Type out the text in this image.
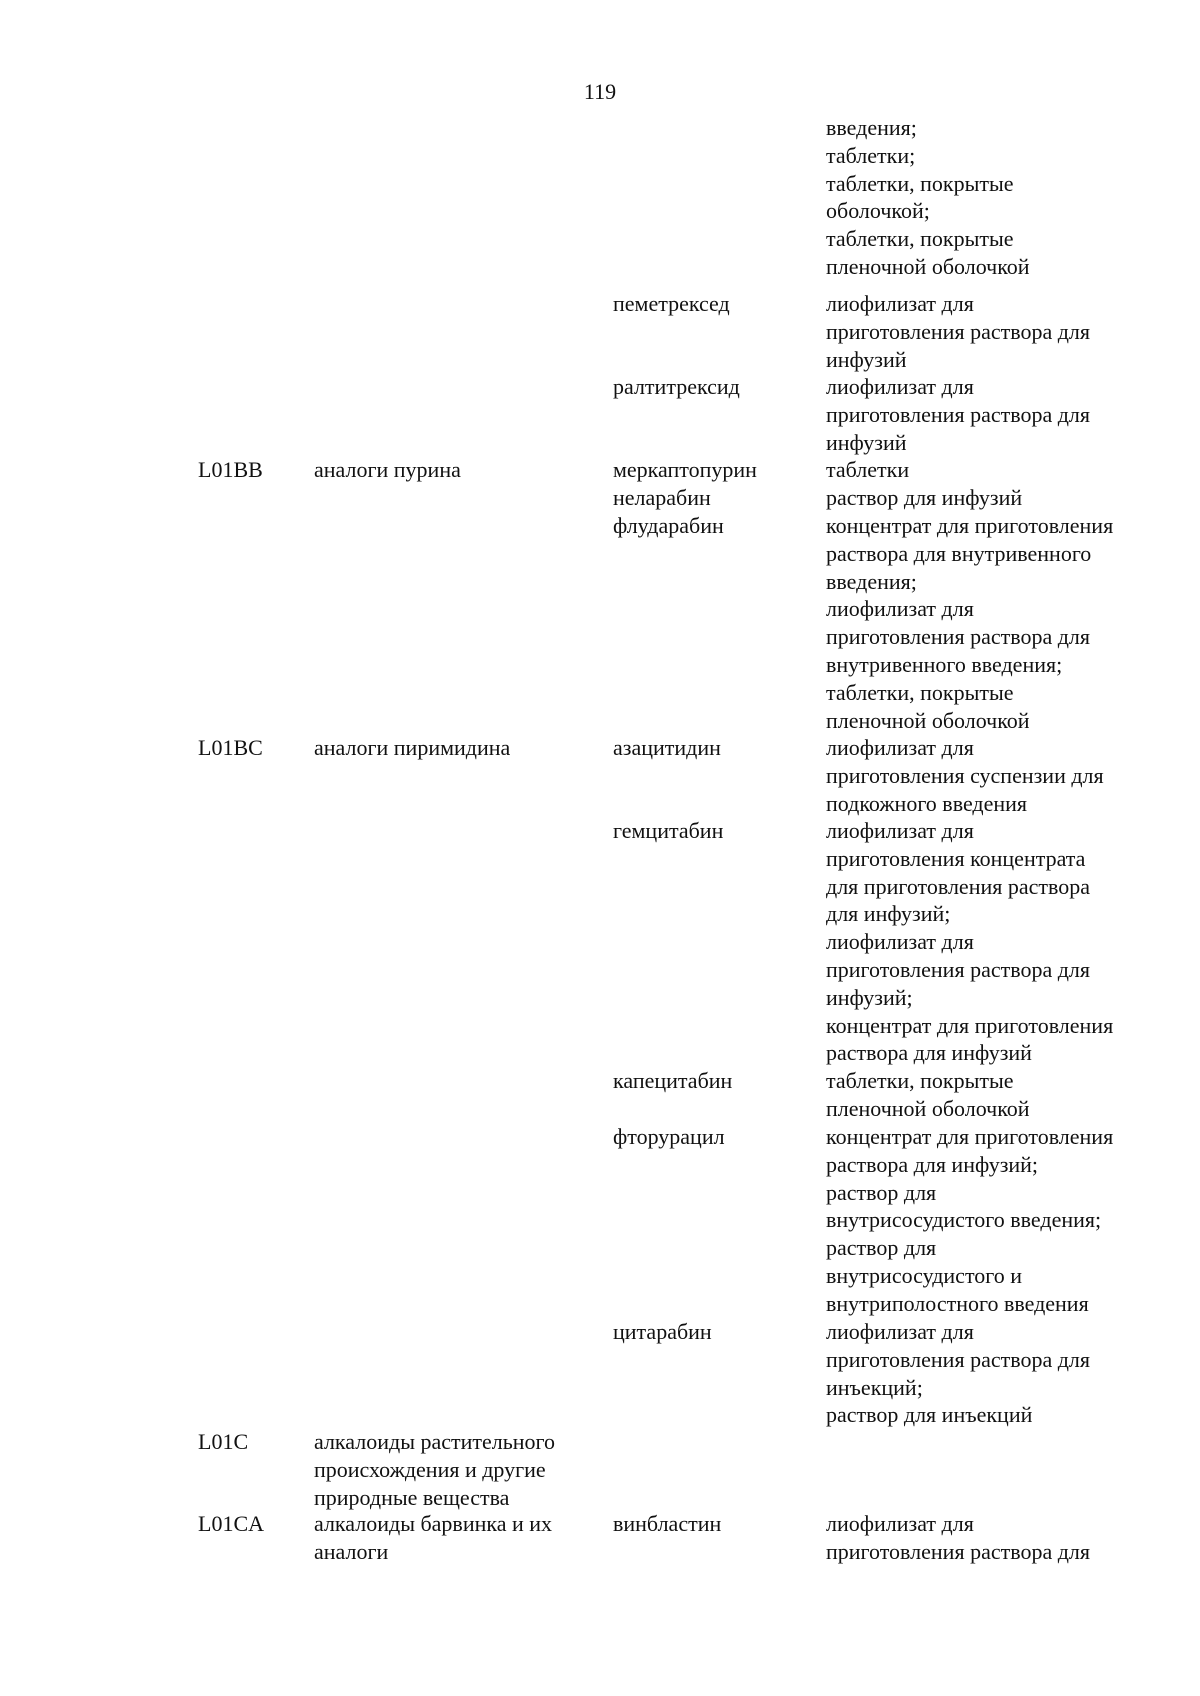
119
введения;
таблетки;
таблетки, покрытые
оболочкой;
таблетки, покрытые
пленочной оболочкой
пеметрексед	лиофилизат для
приготовления раствора для
инфузий
ралтитрексид	лиофилизат для
приготовления раствора для
инфузий
L01BB аналоги пурина	меркаптопурин	таблетки
неларабин	раствор для инфузий
флударабин	концентрат для приготовления
раствора для внутривенного
введения;
лиофилизат для
приготовления раствора для
внутривенного введения;
таблетки, покрытые
пленочной оболочкой
L01BC аналоги пиримидина	азацитидин	лиофилизат для
приготовления суспензии для
подкожного введения
гемцитабин	лиофилизат для
приготовления концентрата
для приготовления раствора
для инфузий;
лиофилизат для
приготовления раствора для
инфузий;
концентрат для приготовления
раствора для инфузий
капецитабин	таблетки, покрытые
пленочной оболочкой
фторурацил	концентрат для приготовления
раствора для инфузий;
раствор для
внутрисосудистого введения;
раствор для
внутрисосудистого и
внутриполостного введения
цитарабин	лиофилизат для
приготовления раствора для
инъекций;
раствор для инъекций
L01C	алкалоиды растительного
происхождения и другие
природные вещества
L01CA алкалоиды барвинка и их
аналоги
винбластин	лиофилизат для
приготовления раствора для
